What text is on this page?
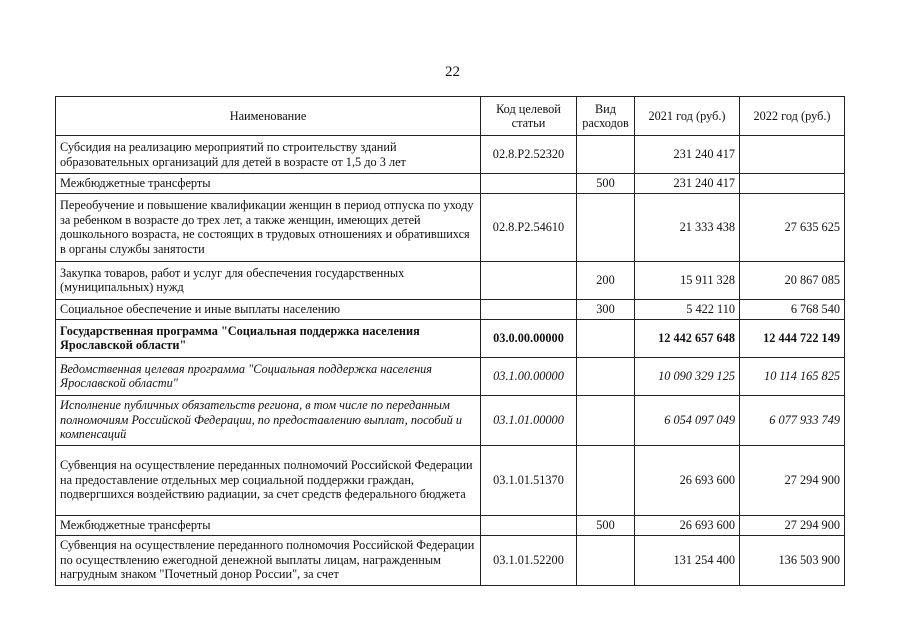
22
Наименование	Код целевой статьи	Вид расходов	2021 год (руб.)	2022 год (руб.)
Субсидия на реализацию мероприятий по строительству зданий образовательных организаций для детей в возрасте от 1,5 до 3 лет	02.8.Р2.52320		231 240 417	
Межбюджетные трансферты		500	231 240 417	
Переобучение и повышение квалификации женщин в период отпуска по уходу за ребенком в возрасте до трех лет, а также женщин, имеющих детей дошкольного возраста, не состоящих в трудовых отношениях и обратившихся в органы службы занятости	02.8.Р2.54610		21 333 438	27 635 625
Закупка товаров, работ и услуг для обеспечения государственных (муниципальных) нужд		200	15 911 328	20 867 085
Социальное обеспечение и иные выплаты населению		300	5 422 110	6 768 540
Государственная программа "Социальная поддержка населения Ярославской области"	03.0.00.00000		12 442 657 648	12 444 722 149
Ведомственная целевая программа "Социальная поддержка населения Ярославской области"	03.1.00.00000		10 090 329 125	10 114 165 825
Исполнение публичных обязательств региона, в том числе по переданным полномочиям Российской Федерации, по предоставлению выплат, пособий и компенсаций	03.1.01.00000		6 054 097 049	6 077 933 749
Субвенция на осуществление переданных полномочий Российской Федерации на предоставление отдельных мер социальной поддержки граждан, подвергшихся воздействию радиации, за счет средств федерального бюджета	03.1.01.51370		26 693 600	27 294 900
Межбюджетные трансферты		500	26 693 600	27 294 900
Субвенция на осуществление переданного полномочия Российской Федерации по осуществлению ежегодной денежной выплаты лицам, награжденным нагрудным знаком "Почетный донор России", за счет	03.1.01.52200		131 254 400	136 503 900
